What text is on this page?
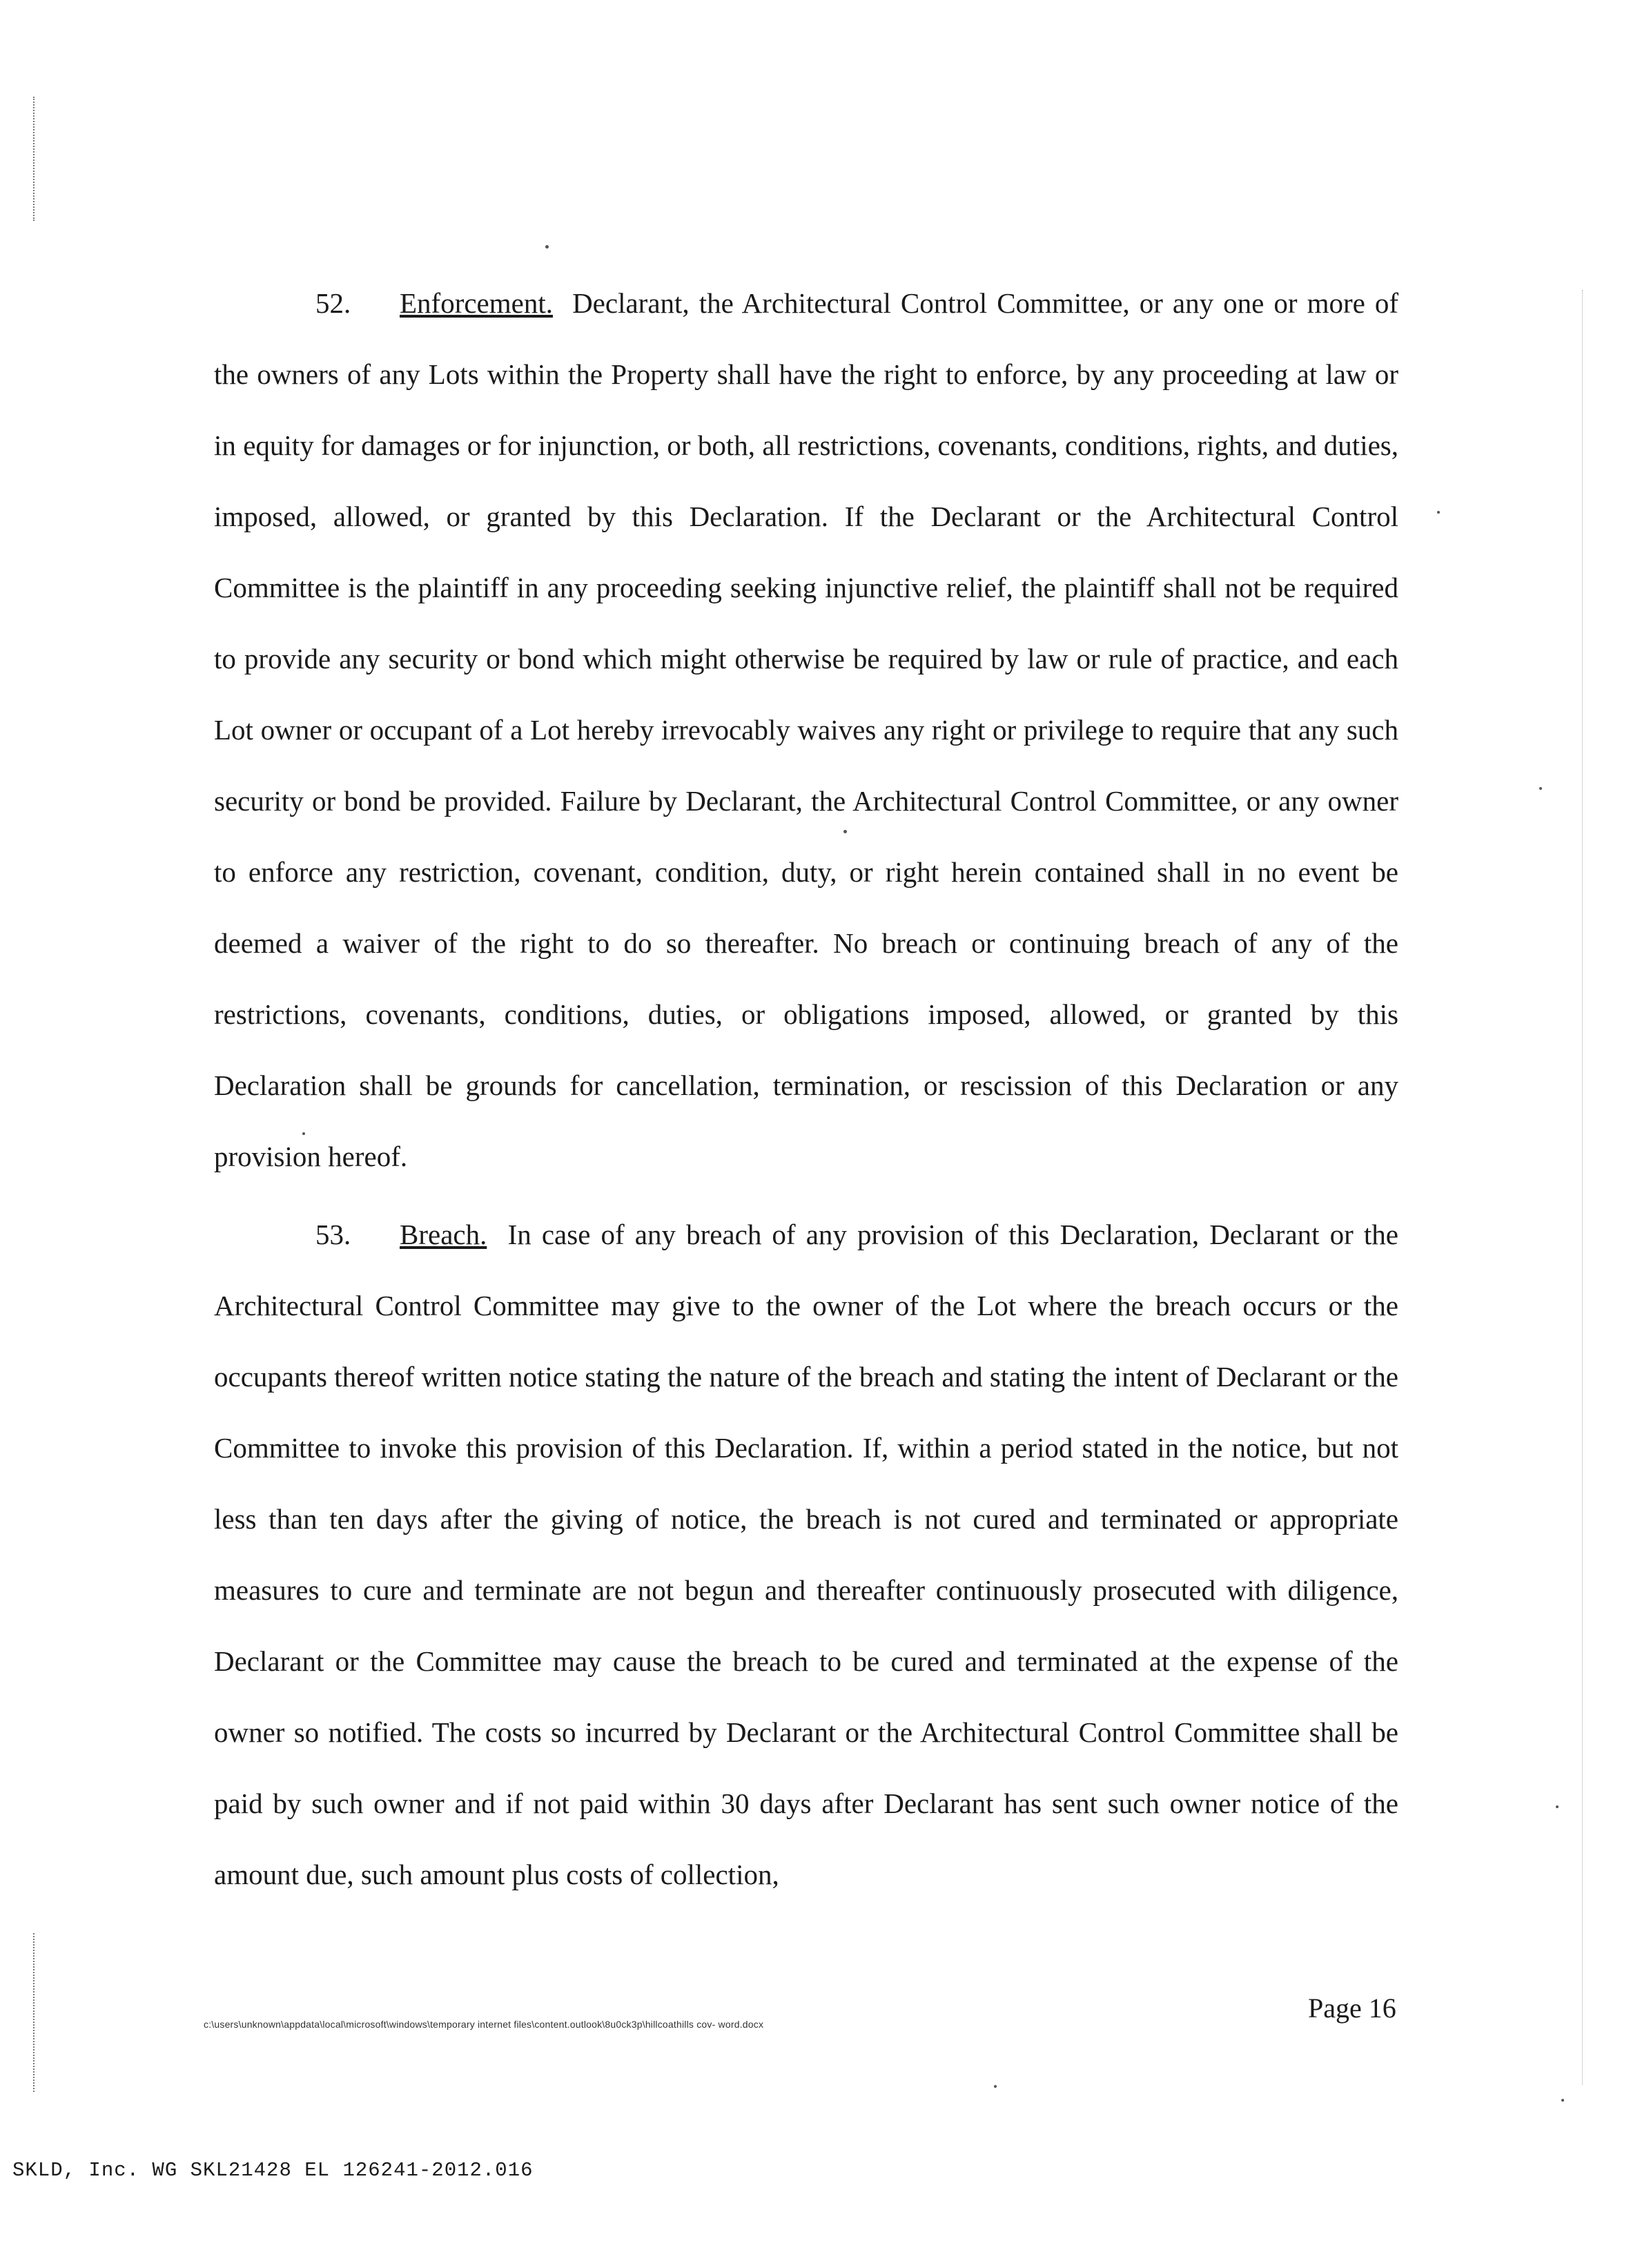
52. Enforcement. Declarant, the Architectural Control Committee, or any one or more of the owners of any Lots within the Property shall have the right to enforce, by any proceeding at law or in equity for damages or for injunction, or both, all restrictions, covenants, conditions, rights, and duties, imposed, allowed, or granted by this Declaration. If the Declarant or the Architectural Control Committee is the plaintiff in any proceeding seeking injunctive relief, the plaintiff shall not be required to provide any security or bond which might otherwise be required by law or rule of practice, and each Lot owner or occupant of a Lot hereby irrevocably waives any right or privilege to require that any such security or bond be provided. Failure by Declarant, the Architectural Control Committee, or any owner to enforce any restriction, covenant, condition, duty, or right herein contained shall in no event be deemed a waiver of the right to do so thereafter. No breach or continuing breach of any of the restrictions, covenants, conditions, duties, or obligations imposed, allowed, or granted by this Declaration shall be grounds for cancellation, termination, or rescission of this Declaration or any provision hereof.

53. Breach. In case of any breach of any provision of this Declaration, Declarant or the Architectural Control Committee may give to the owner of the Lot where the breach occurs or the occupants thereof written notice stating the nature of the breach and stating the intent of Declarant or the Committee to invoke this provision of this Declaration. If, within a period stated in the notice, but not less than ten days after the giving of notice, the breach is not cured and terminated or appropriate measures to cure and terminate are not begun and thereafter continuously prosecuted with diligence, Declarant or the Committee may cause the breach to be cured and terminated at the expense of the owner so notified. The costs so incurred by Declarant or the Architectural Control Committee shall be paid by such owner and if not paid within 30 days after Declarant has sent such owner notice of the amount due, such amount plus costs of collection,

c:\users\unknown\appdata\local\microsoft\windows\temporary internet files\content.outlook\8u0ck3p\hillcoathills cov- word.docx
Page 16
SKLD, Inc. WG SKL21428 EL 126241-2012.016
